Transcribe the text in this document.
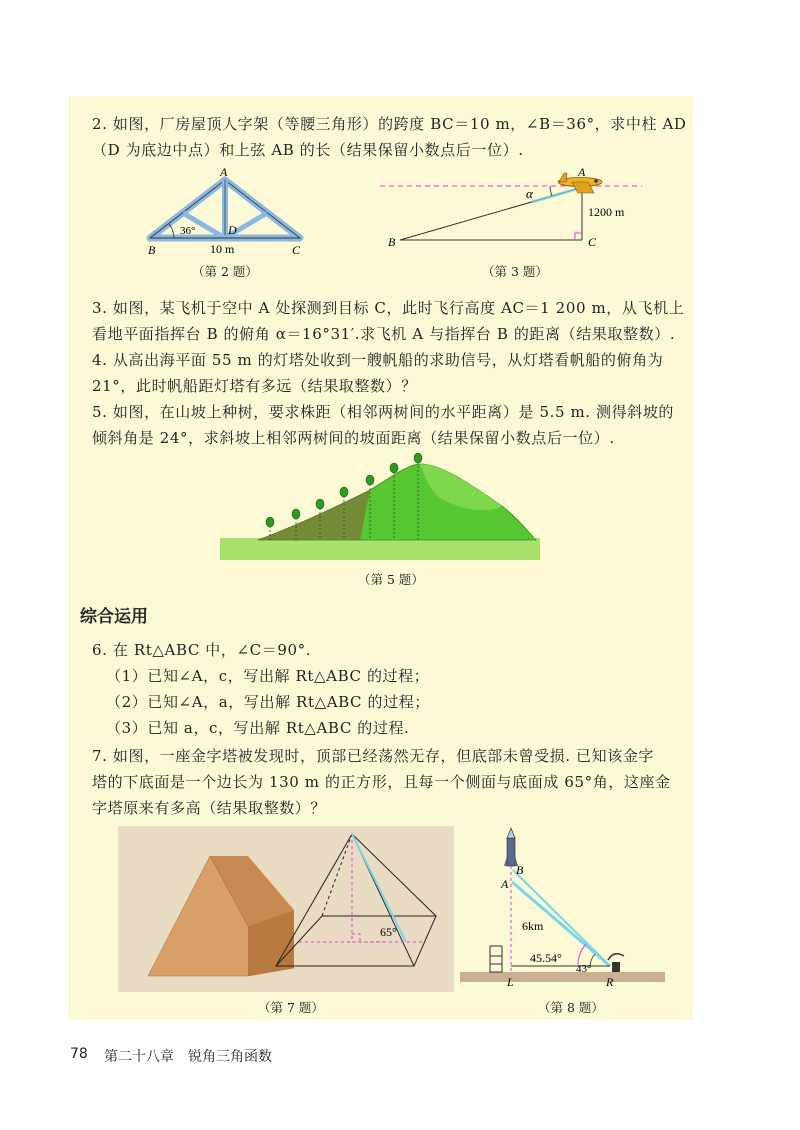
2. 如图，厂房屋顶人字架（等腰三角形）的跨度 BC＝10 m，∠B＝36°，求中柱 AD
（D 为底边中点）和上弦 AB 的长（结果保留小数点后一位）.
A
B	C
D
36°
10 m
（第 2 题）
A
B	C
α
1200 m
（第 3 题）
3. 如图，某飞机于空中 A 处探测到目标 C，此时飞行高度 AC＝1 200 m，从飞机上
看地平面指挥台 B 的俯角 α＝16°31′.求飞机 A 与指挥台 B 的距离（结果取整数）.
4. 从高出海平面 55 m 的灯塔处收到一艘帆船的求助信号，从灯塔看帆船的俯角为
21°，此时帆船距灯塔有多远（结果取整数）？
5. 如图，在山坡上种树，要求株距（相邻两树间的水平距离）是 5.5 m. 测得斜坡的
倾斜角是 24°，求斜坡上相邻两树间的坡面距离（结果保留小数点后一位）.
（第 5 题）
综合运用
6. 在 Rt△ABC 中，∠C＝90°.
（1）已知∠A，c，写出解 Rt△ABC 的过程；
（2）已知∠A，a，写出解 Rt△ABC 的过程；
（3）已知 a，c，写出解 Rt△ABC 的过程.
7. 如图，一座金字塔被发现时，顶部已经荡然无存，但底部未曾受损. 已知该金字
塔的下底面是一个边长为 130 m 的正方形，且每一个侧面与底面成 65°角，这座金
字塔原来有多高（结果取整数）？
65°
（第 7 题）
B
A
L	R
6km
45.54°
43°
（第 8 题）
78 第二十八章　锐角三角函数
